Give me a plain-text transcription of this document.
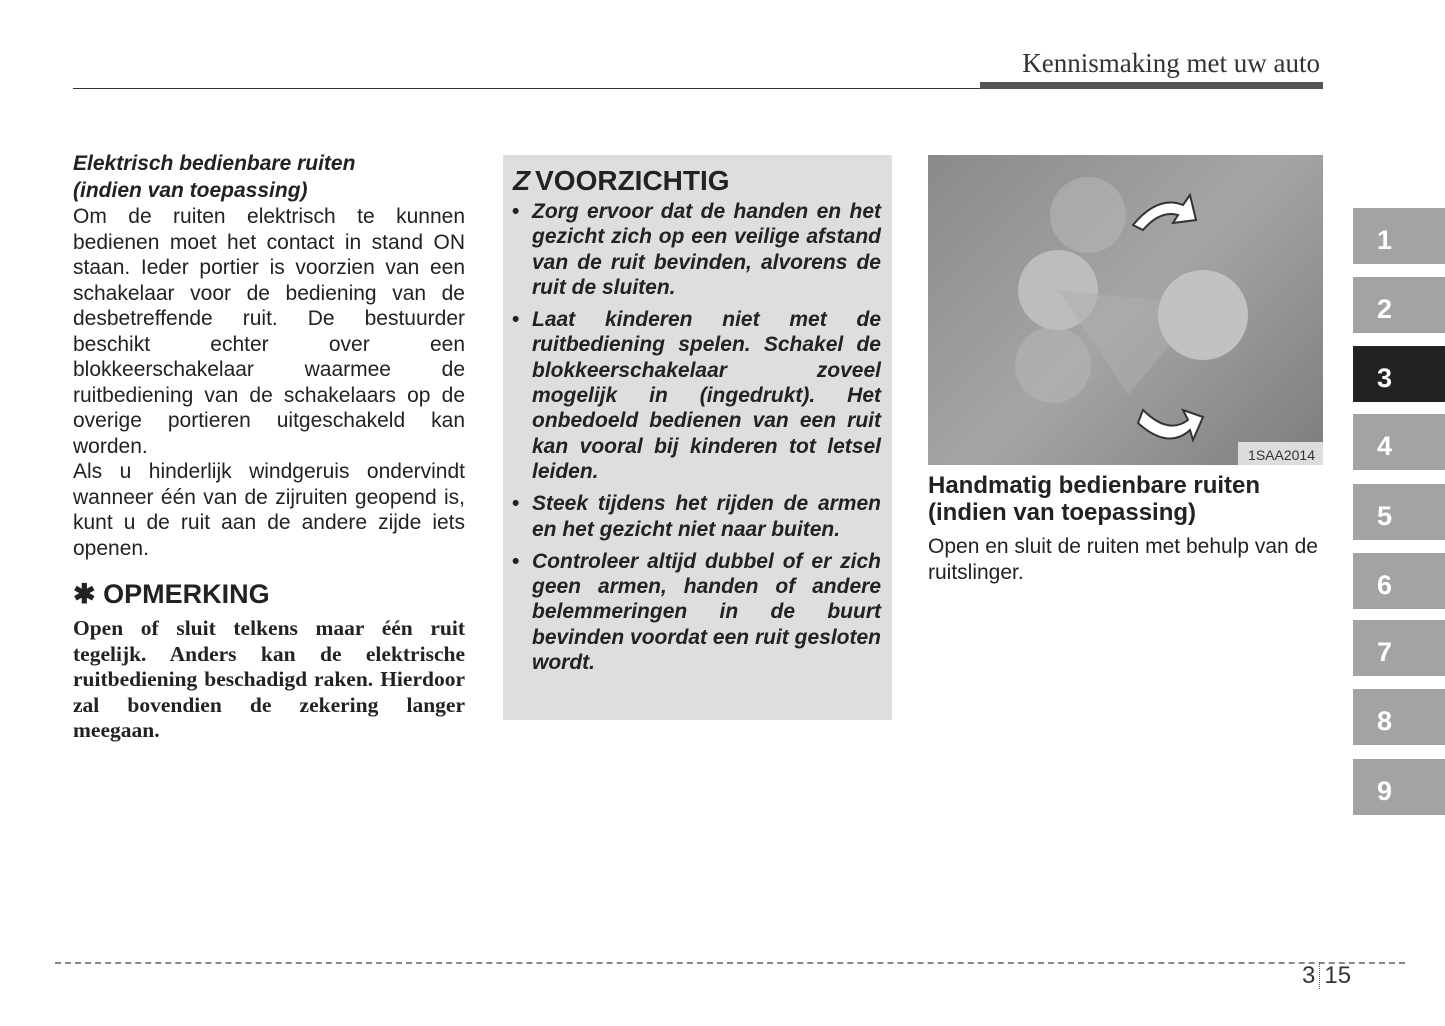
Kennismaking met uw auto
Elektrisch bedienbare ruiten
(indien van toepassing)

Om de ruiten elektrisch te kunnen bedienen moet het contact in stand ON staan. Ieder portier is voorzien van een schakelaar voor de bediening van de desbetreffende ruit. De bestuurder beschikt echter over een blokkeerschakelaar waarmee de ruitbediening van de schakelaars op de overige portieren uitgeschakeld kan worden.

Als u hinderlijk windgeruis ondervindt wanneer één van de zijruiten geopend is, kunt u de ruit aan de andere zijde iets openen.

✱ OPMERKING

Open of sluit telkens maar één ruit tegelijk. Anders kan de elektrische ruitbediening beschadigd raken. Hierdoor zal bovendien de zekering langer meegaan.

Z VOORZICHTIG
• Zorg ervoor dat de handen en het gezicht zich op een veilige afstand van de ruit bevinden, alvorens de ruit de sluiten.
• Laat kinderen niet met de ruitbediening spelen. Schakel de blokkeerschakelaar zoveel mogelijk in (ingedrukt). Het onbedoeld bedienen van een ruit kan vooral bij kinderen tot letsel leiden.
• Steek tijdens het rijden de armen en het gezicht niet naar buiten.
• Controleer altijd dubbel of er zich geen armen, handen of andere belemmeringen in de buurt bevinden voordat een ruit gesloten wordt.
1SAA2014
Handmatig bedienbare ruiten
(indien van toepassing)

Open en sluit de ruiten met behulp van de ruitslinger.

1
2
3
4
5
6
7
8
9
3 15
